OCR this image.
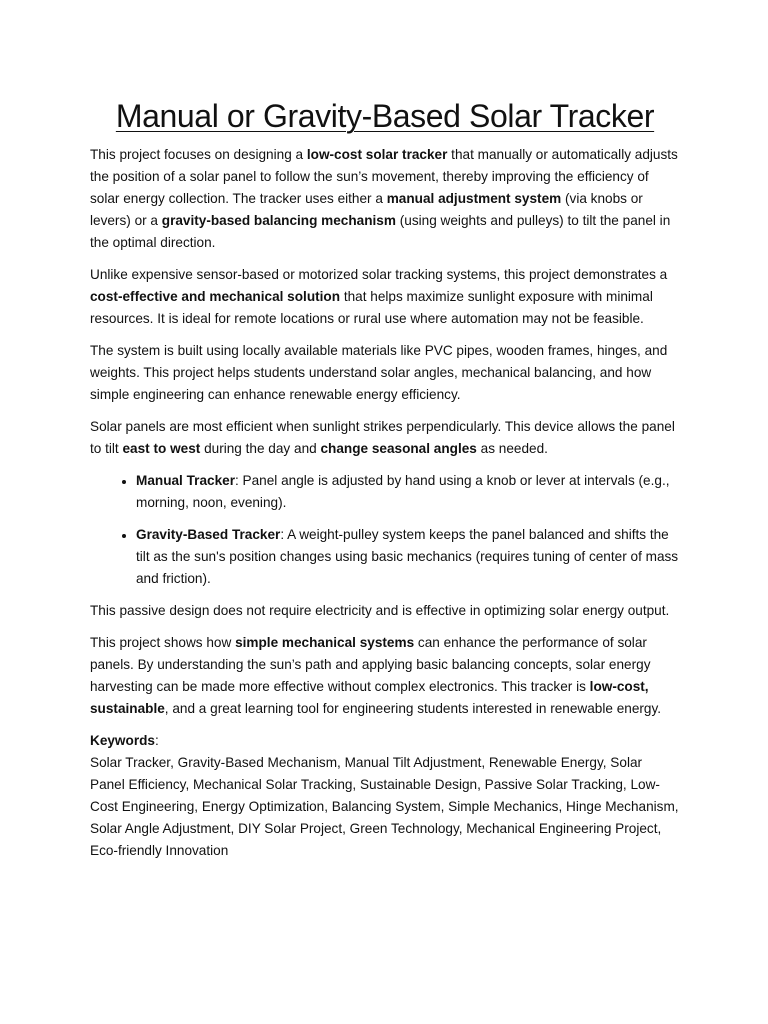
Manual or Gravity-Based Solar Tracker

This project focuses on designing a low-cost solar tracker that manually or automatically adjusts the position of a solar panel to follow the sun’s movement, thereby improving the efficiency of solar energy collection. The tracker uses either a manual adjustment system (via knobs or levers) or a gravity-based balancing mechanism (using weights and pulleys) to tilt the panel in the optimal direction.

Unlike expensive sensor-based or motorized solar tracking systems, this project demonstrates a cost-effective and mechanical solution that helps maximize sunlight exposure with minimal resources. It is ideal for remote locations or rural use where automation may not be feasible.

The system is built using locally available materials like PVC pipes, wooden frames, hinges, and weights. This project helps students understand solar angles, mechanical balancing, and how simple engineering can enhance renewable energy efficiency.

Solar panels are most efficient when sunlight strikes perpendicularly. This device allows the panel to tilt east to west during the day and change seasonal angles as needed.

• Manual Tracker: Panel angle is adjusted by hand using a knob or lever at intervals (e.g., morning, noon, evening).
• Gravity-Based Tracker: A weight-pulley system keeps the panel balanced and shifts the tilt as the sun's position changes using basic mechanics (requires tuning of center of mass and friction).

This passive design does not require electricity and is effective in optimizing solar energy output.

This project shows how simple mechanical systems can enhance the performance of solar panels. By understanding the sun’s path and applying basic balancing concepts, solar energy harvesting can be made more effective without complex electronics. This tracker is low-cost, sustainable, and a great learning tool for engineering students interested in renewable energy.

Keywords:

Solar Tracker, Gravity-Based Mechanism, Manual Tilt Adjustment, Renewable Energy, Solar Panel Efficiency, Mechanical Solar Tracking, Sustainable Design, Passive Solar Tracking, Low-Cost Engineering, Energy Optimization, Balancing System, Simple Mechanics, Hinge Mechanism, Solar Angle Adjustment, DIY Solar Project, Green Technology, Mechanical Engineering Project, Eco-friendly Innovation
